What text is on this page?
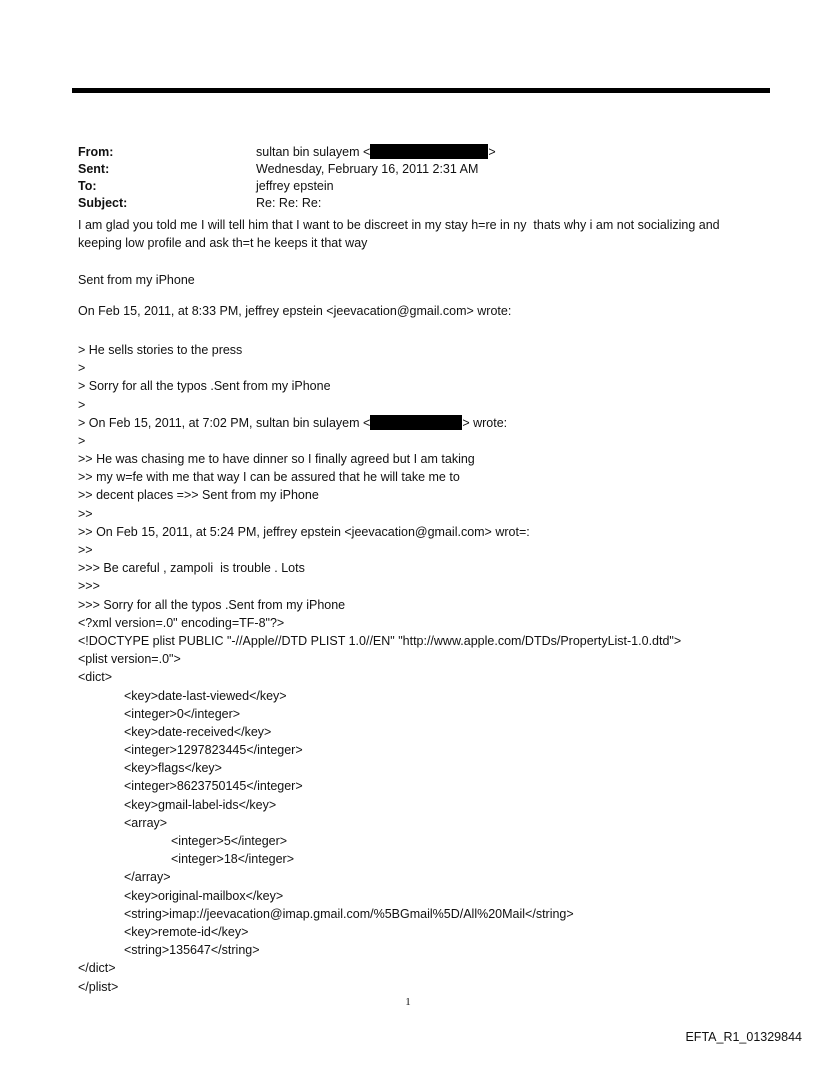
From:	sultan bin sulayem <	>
Sent:	Wednesday, February 16, 2011 2:31 AM
To:	jeffrey epstein
Subject:	Re: Re: Re:
I am glad you told me I will tell him that I want to be discreet in my stay h=re in ny  thats why i am not socializing and
keeping low profile and ask th=t he keeps it that way
Sent from my iPhone
On Feb 15, 2011, at 8:33 PM, jeffrey epstein <jeevacation@gmail.com> wrote:
> He sells stories to the press
>
> Sorry for all the typos .Sent from my iPhone
>
> On Feb 15, 2011, at 7:02 PM, sultan bin sulayem <	> wrote:
>
>> He was chasing me to have dinner so I finally agreed but I am taking
>> my w=fe with me that way I can be assured that he will take me to
>> decent places =>> Sent from my iPhone
>>
>> On Feb 15, 2011, at 5:24 PM, jeffrey epstein <jeevacation@gmail.com> wrot=:
>>
>>> Be careful , zampoli  is trouble . Lots
>>>
>>> Sorry for all the typos .Sent from my iPhone
<?xml version=.0" encoding=TF-8"?>
<!DOCTYPE plist PUBLIC "-//Apple//DTD PLIST 1.0//EN" "http://www.apple.com/DTDs/PropertyList-1.0.dtd">
<plist version=.0">
<dict>
<key>date-last-viewed</key>
<integer>0</integer>
<key>date-received</key>
<integer>1297823445</integer>
<key>flags</key>
<integer>8623750145</integer>
<key>gmail-label-ids</key>
<array>
<integer>5</integer>
<integer>18</integer>
</array>
<key>original-mailbox</key>
<string>imap://jeevacation@imap.gmail.com/%5BGmail%5D/All%20Mail</string>
<key>remote-id</key>
<string>135647</string>
</dict>
</plist>
1
EFTA_R1_01329844
